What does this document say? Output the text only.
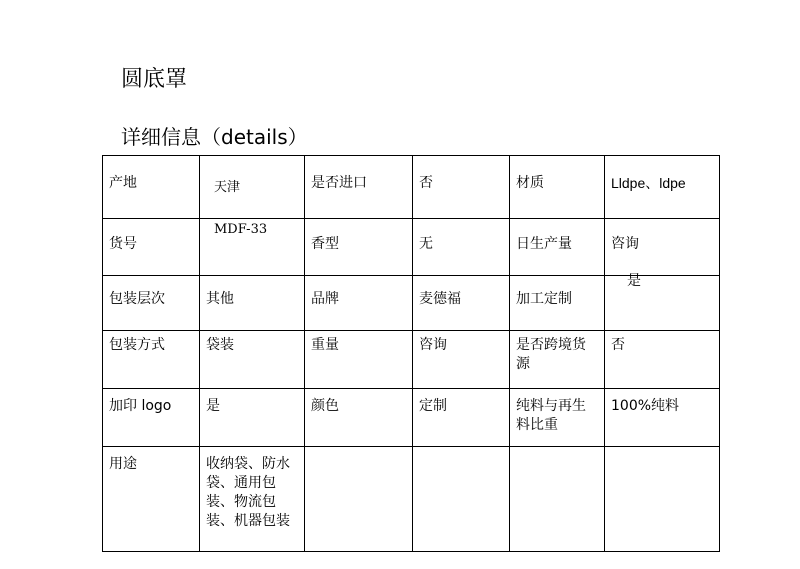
圆底罩
详细信息（details）
产地	天津	是否进口	否	材质	Lldpe、ldpe
货号	MDF-33	香型	无	日生产量	咨询
包装层次	其他	品牌	麦德福	加工定制	是

包装方式	袋装	重量	咨询	是否跨境货源	否
加印 logo	是	颜色	定制	纯料与再生料比重	100%纯料
用途	收纳袋、防水袋、通用包装、物流包装、机器包装				
